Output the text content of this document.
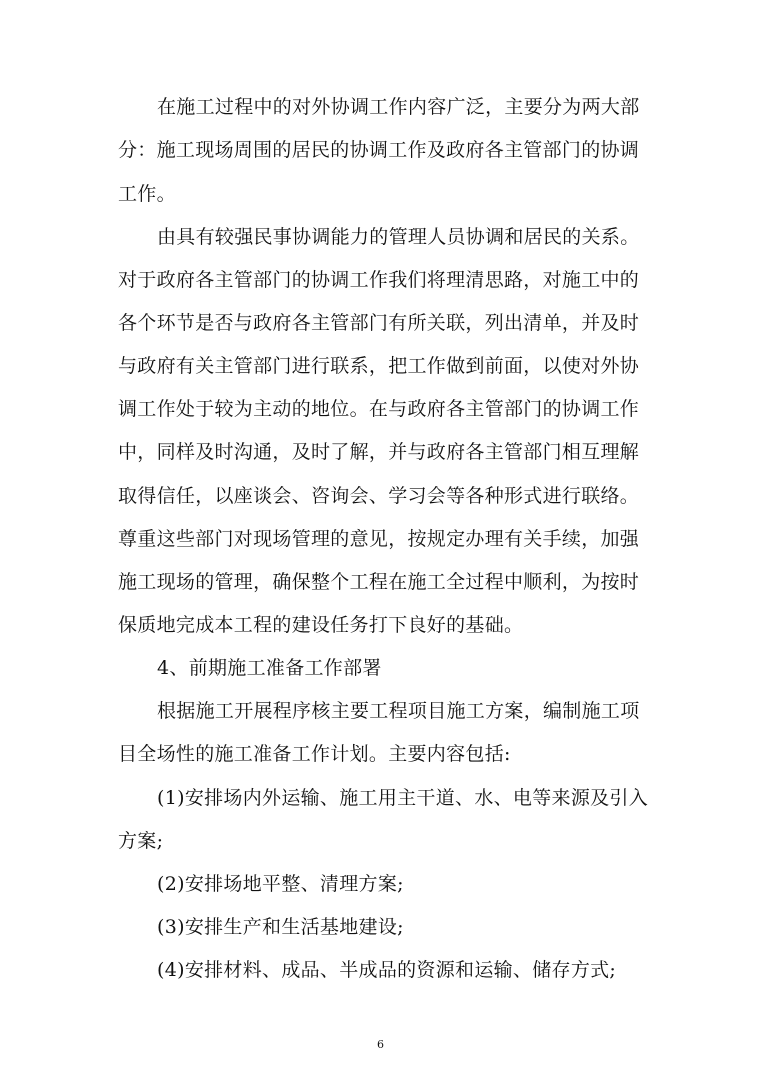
在施工过程中的对外协调工作内容广泛，主要分为两大部
分：施工现场周围的居民的协调工作及政府各主管部门的协调
工作。
由具有较强民事协调能力的管理人员协调和居民的关系。
对于政府各主管部门的协调工作我们将理清思路，对施工中的
各个环节是否与政府各主管部门有所关联，列出清单，并及时
与政府有关主管部门进行联系，把工作做到前面，以使对外协
调工作处于较为主动的地位。在与政府各主管部门的协调工作
中，同样及时沟通，及时了解，并与政府各主管部门相互理解
取得信任，以座谈会、咨询会、学习会等各种形式进行联络。
尊重这些部门对现场管理的意见，按规定办理有关手续，加强
施工现场的管理，确保整个工程在施工全过程中顺利，为按时
保质地完成本工程的建设任务打下良好的基础。
4、前期施工准备工作部署
根据施工开展程序核主要工程项目施工方案，编制施工项
目全场性的施工准备工作计划。主要内容包括:
(1)安排场内外运输、施工用主干道、水、电等来源及引入
方案;
(2)安排场地平整、清理方案;
(3)安排生产和生活基地建设;
(4)安排材料、成品、半成品的资源和运输、储存方式;
6
